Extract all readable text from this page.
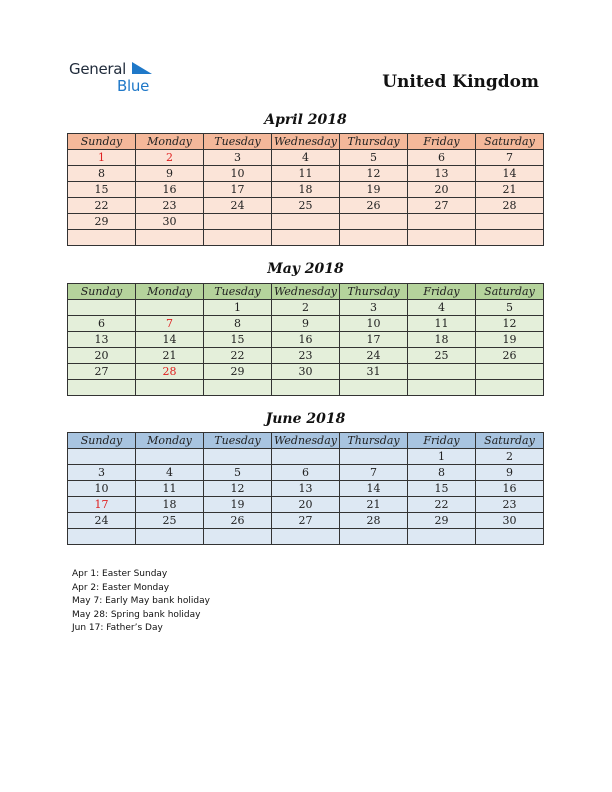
General
Blue	United Kingdom
April 2018
Sunday	Monday	Tuesday	Wednesday	Thursday	Friday	Saturday
1	2	3	4	5	6	7
8	9	10	11	12	13	14
15	16	17	18	19	20	21
22	23	24	25	26	27	28
29	30					

May 2018
Sunday	Monday	Tuesday	Wednesday	Thursday	Friday	Saturday
		1	2	3	4	5
6	7	8	9	10	11	12
13	14	15	16	17	18	19
20	21	22	23	24	25	26
27	28	29	30	31		

June 2018
Sunday	Monday	Tuesday	Wednesday	Thursday	Friday	Saturday
					1	2
3	4	5	6	7	8	9
10	11	12	13	14	15	16
17	18	19	20	21	22	23
24	25	26	27	28	29	30

Apr 1: Easter Sunday
Apr 2: Easter Monday
May 7: Early May bank holiday
May 28: Spring bank holiday
Jun 17: Father’s Day
